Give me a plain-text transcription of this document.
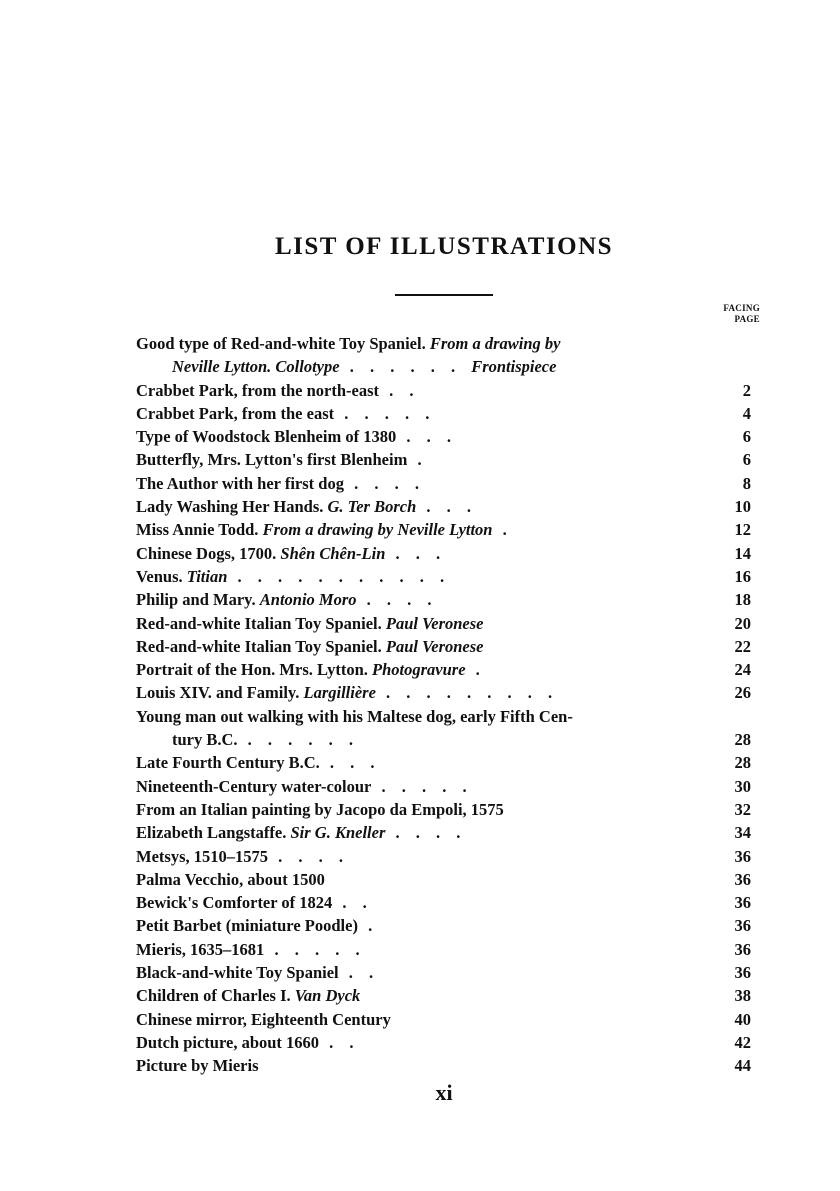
LIST OF ILLUSTRATIONS
FACING
PAGE
Good type of Red-and-white Toy Spaniel. From a drawing by
Neville Lytton. Collotype . . . . . . Frontispiece
Crabbet Park, from the north-east . .	2
Crabbet Park, from the east . . . . .	4
Type of Woodstock Blenheim of 1380 . . .	6
Butterfly, Mrs. Lytton's first Blenheim .	6
The Author with her first dog . . . .	8
Lady Washing Her Hands. G. Ter Borch . . .	10
Miss Annie Todd. From a drawing by Neville Lytton .	12
Chinese Dogs, 1700. Shên Chên-Lin . . .	14
Venus. Titian . . . . . . . . . . .	16
Philip and Mary. Antonio Moro . . . .	18
Red-and-white Italian Toy Spaniel. Paul Veronese	20
Red-and-white Italian Toy Spaniel. Paul Veronese	22
Portrait of the Hon. Mrs. Lytton. Photogravure .	24
Louis XIV. and Family. Largillière . . . . . . . . .	26
Young man out walking with his Maltese dog, early Fifth Cen-
tury B.C. . . . . . .	28
Late Fourth Century B.C. . . .	28
Nineteenth-Century water-colour . . . . .	30
From an Italian painting by Jacopo da Empoli, 1575	32
Elizabeth Langstaffe. Sir G. Kneller . . . .	34
Metsys, 1510–1575 . . . .	36
Palma Vecchio, about 1500	36
Bewick's Comforter of 1824 . .	36
Petit Barbet (miniature Poodle) .	36
Mieris, 1635–1681 . . . . .	36
Black-and-white Toy Spaniel . .	36
Children of Charles I. Van Dyck	38
Chinese mirror, Eighteenth Century	40
Dutch picture, about 1660 . .	42
Picture by Mieris	44
xi
